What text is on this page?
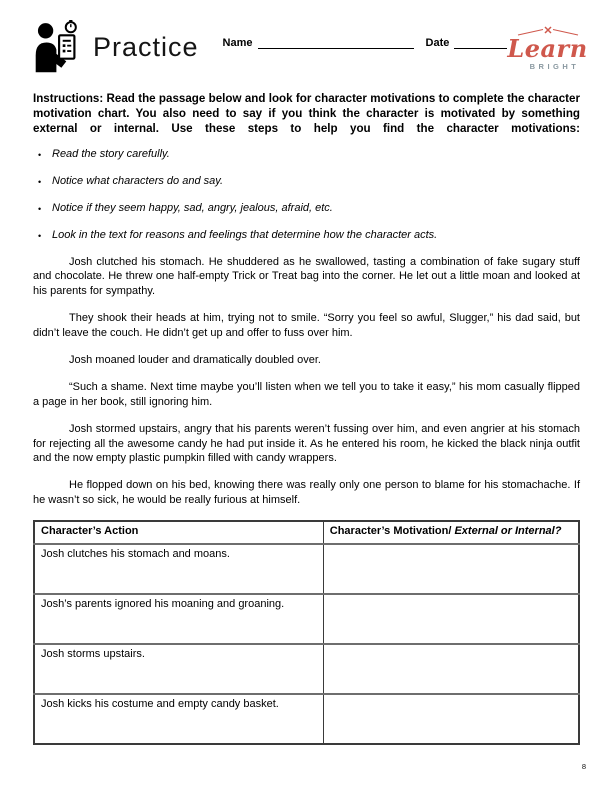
Practice Name	Date Learn
BRIGHT
Instructions: Read the passage below and look for character motivations to complete the character motivation chart. You also need to say if you think the character is motivated by something external or internal. Use these steps to help you find the character motivations:
• Read the story carefully.
• Notice what characters do and say.
• Notice if they seem happy, sad, angry, jealous, afraid, etc.
• Look in the text for reasons and feelings that determine how the character acts.

Josh clutched his stomach. He shuddered as he swallowed, tasting a combination of fake sugary stuff and chocolate. He threw one half-empty Trick or Treat bag into the corner. He let out a little moan and looked at his parents for sympathy.

They shook their heads at him, trying not to smile. “Sorry you feel so awful, Slugger,” his dad said, but didn’t leave the couch. He didn’t get up and offer to fuss over him.

Josh moaned louder and dramatically doubled over.

“Such a shame. Next time maybe you’ll listen when we tell you to take it easy,” his mom casually flipped a page in her book, still ignoring him.

Josh stormed upstairs, angry that his parents weren’t fussing over him, and even angrier at his stomach for rejecting all the awesome candy he had put inside it. As he entered his room, he kicked the black ninja outfit and the now empty plastic pumpkin filled with candy wrappers.

He flopped down on his bed, knowing there was really only one person to blame for his stomachache. If he wasn’t so sick, he would be really furious at himself.

Character’s Action	Character’s Motivation/ External or Internal?
Josh clutches his stomach and moans.	
Josh’s parents ignored his moaning and groaning.	
Josh storms upstairs.	
Josh kicks his costume and empty candy basket.	
8
